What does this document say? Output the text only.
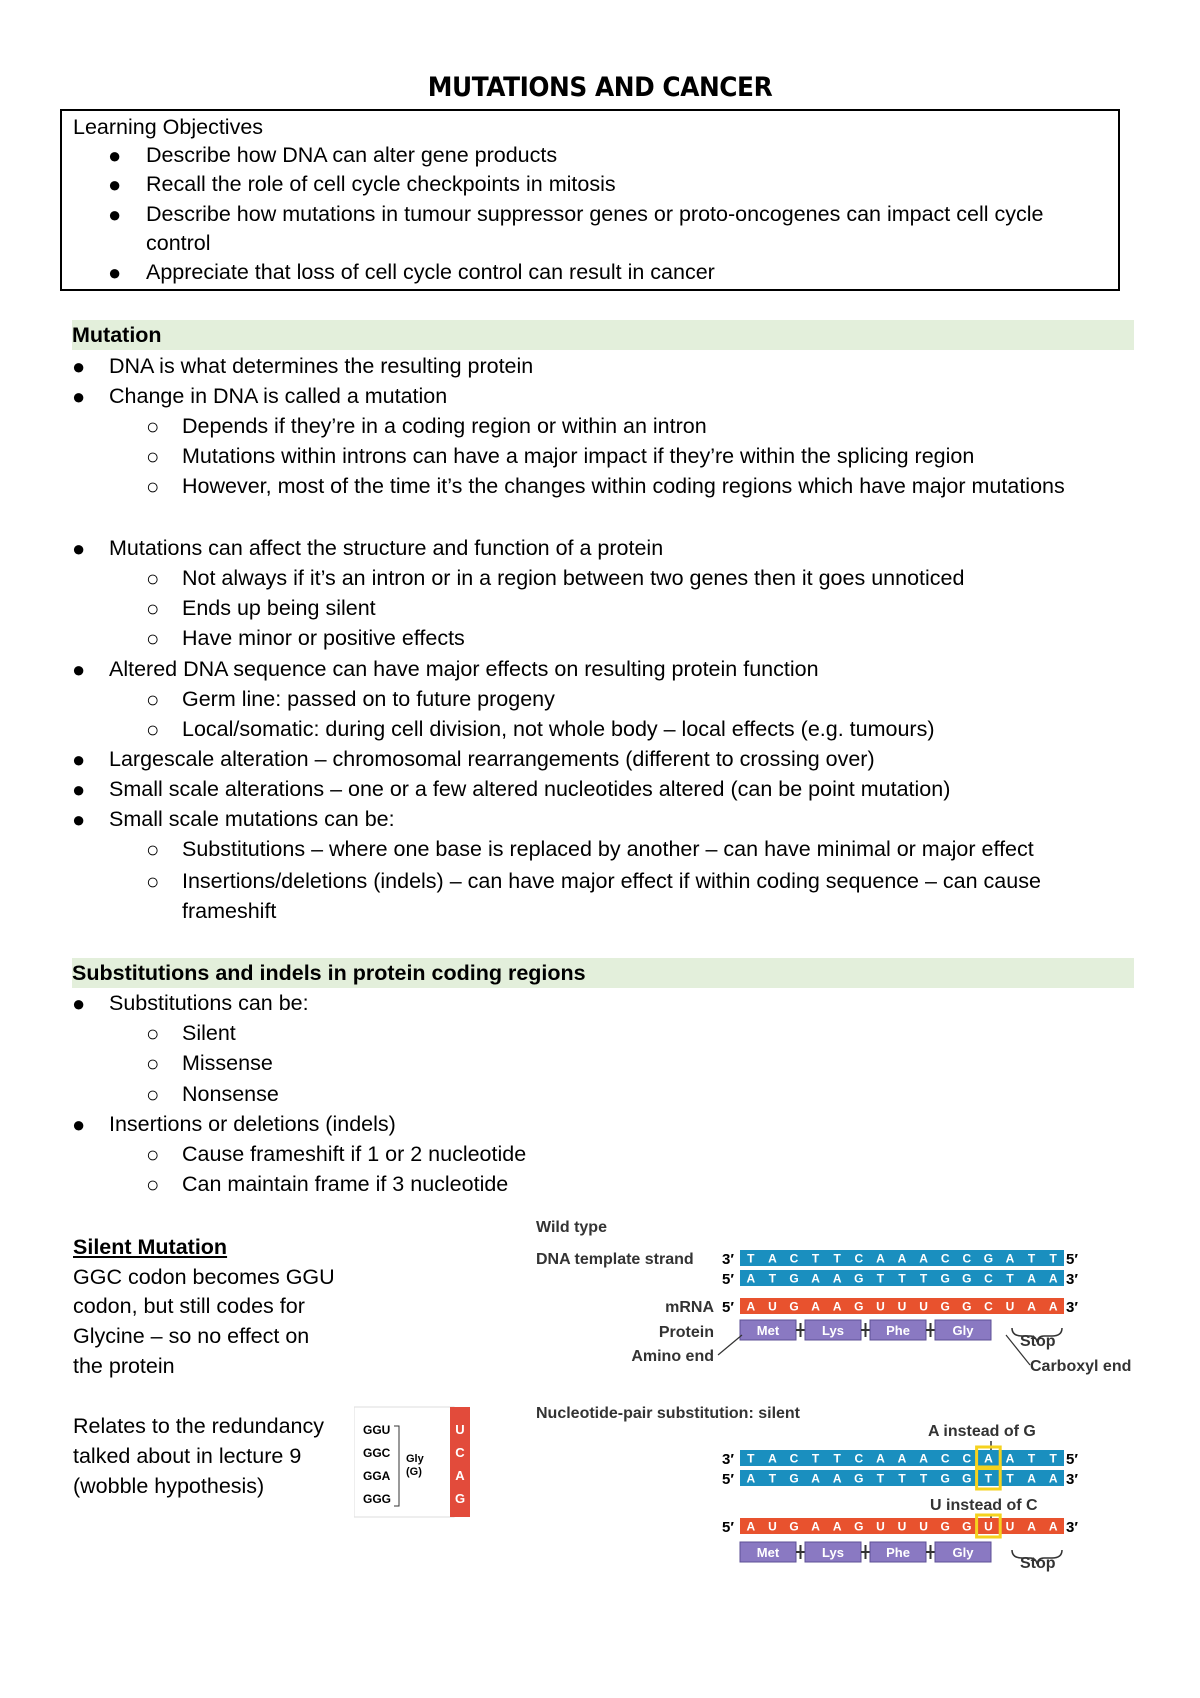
MUTATIONS AND CANCER
Learning Objectives
● Describe how DNA can alter gene products
● Recall the role of cell cycle checkpoints in mitosis
● Describe how mutations in tumour suppressor genes or proto-oncogenes can impact cell cycle
control
● Appreciate that loss of cell cycle control can result in cancer
Mutation
● DNA is what determines the resulting protein
● Change in DNA is called a mutation
○ Depends if they’re in a coding region or within an intron
○ Mutations within introns can have a major impact if they’re within the splicing region
○ However, most of the time it’s the changes within coding regions which have major mutations
● Mutations can affect the structure and function of a protein
○ Not always if it’s an intron or in a region between two genes then it goes unnoticed
○ Ends up being silent
○ Have minor or positive effects
● Altered DNA sequence can have major effects on resulting protein function
○ Germ line: passed on to future progeny
○ Local/somatic: during cell division, not whole body – local effects (e.g. tumours)
● Largescale alteration – chromosomal rearrangements (different to crossing over)
● Small scale alterations – one or a few altered nucleotides altered (can be point mutation)
● Small scale mutations can be:
○ Substitutions – where one base is replaced by another – can have minimal or major effect
○ Insertions/deletions (indels) – can have major effect if within coding sequence – can cause
frameshift
Substitutions and indels in protein coding regions
● Substitutions can be:
○ Silent
○ Missense
○ Nonsense
● Insertions or deletions (indels)
○ Cause frameshift if 1 or 2 nucleotide
○ Can maintain frame if 3 nucleotide
Silent Mutation
GGC codon becomes GGU
codon, but still codes for
Glycine – so no effect on
the protein
Relates to the redundancy
talked about in lecture 9
(wobble hypothesis)
GGU
GGC
GGA
GGG
Gly
(G)
U
C
A
G
Wild type
DNA template strand 3′ T A C T T C A A A C C G A T T 5′
5′ A T G A A G T T T G G C T A A 3′
mRNA 5′ A U G A A G U U U G G C U A A 3′
Protein	Met	Lys	Phe	Gly
Stop
Amino end
Carboxyl end
Nucleotide-pair substitution: silent
A instead of G
3′ T A C T T C A A A C C A A T T 5′
5′ A T G A A G T T T G G T T A A 3′
U instead of C
5′ A U G A A G U U U G G U U A A 3′
Met	Lys	Phe	Gly
Stop
